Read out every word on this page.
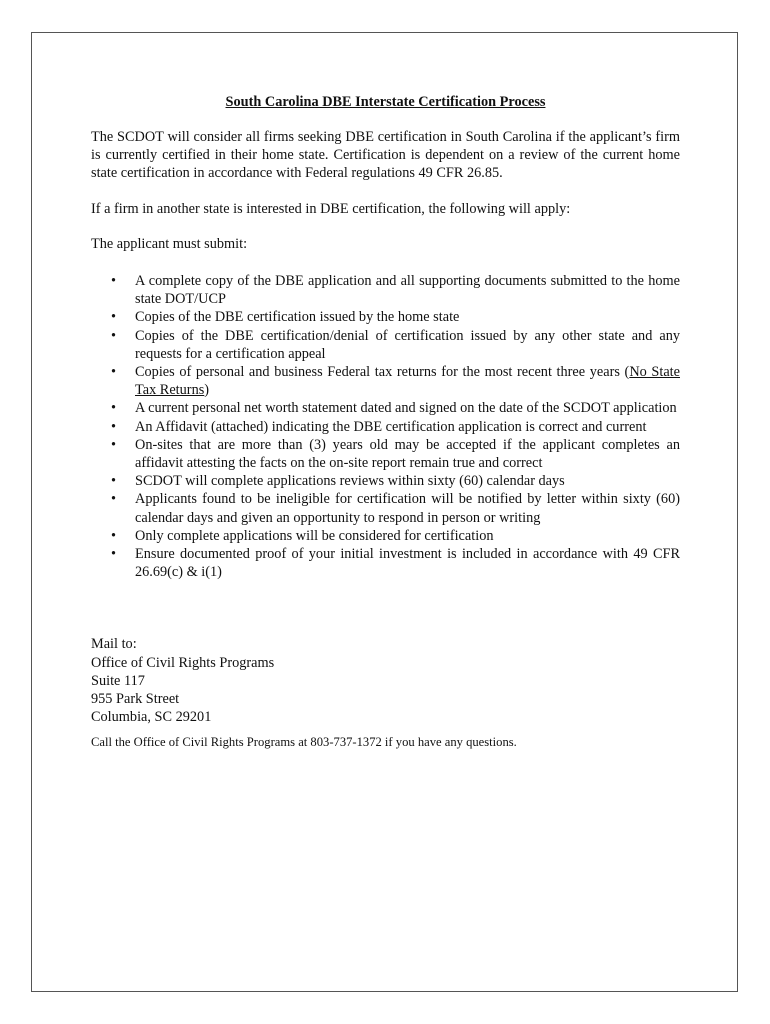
South Carolina DBE Interstate Certification Process

The SCDOT will consider all firms seeking DBE certification in South Carolina if the applicant’s firm is currently certified in their home state. Certification is dependent on a review of the current home state certification in accordance with Federal regulations 49 CFR 26.85.

If a firm in another state is interested in DBE certification, the following will apply:

The applicant must submit:

• A complete copy of the DBE application and all supporting documents submitted to the home state DOT/UCP
• Copies of the DBE certification issued by the home state
• Copies of the DBE certification/denial of certification issued by any other state and any requests for a certification appeal
• Copies of personal and business Federal tax returns for the most recent three years (No State Tax Returns)
• A current personal net worth statement dated and signed on the date of the SCDOT application
• An Affidavit (attached) indicating the DBE certification application is correct and current
• On-sites that are more than (3) years old may be accepted if the applicant completes an affidavit attesting the facts on the on-site report remain true and correct
• SCDOT will complete applications reviews within sixty (60) calendar days
• Applicants found to be ineligible for certification will be notified by letter within sixty (60) calendar days and given an opportunity to respond in person or writing
• Only complete applications will be considered for certification
• Ensure documented proof of your initial investment is included in accordance with 49 CFR 26.69(c) & i(1)

Mail to:

Office of Civil Rights Programs

Suite 117

955 Park Street

Columbia, SC 29201

Call the Office of Civil Rights Programs at 803-737-1372 if you have any questions.
